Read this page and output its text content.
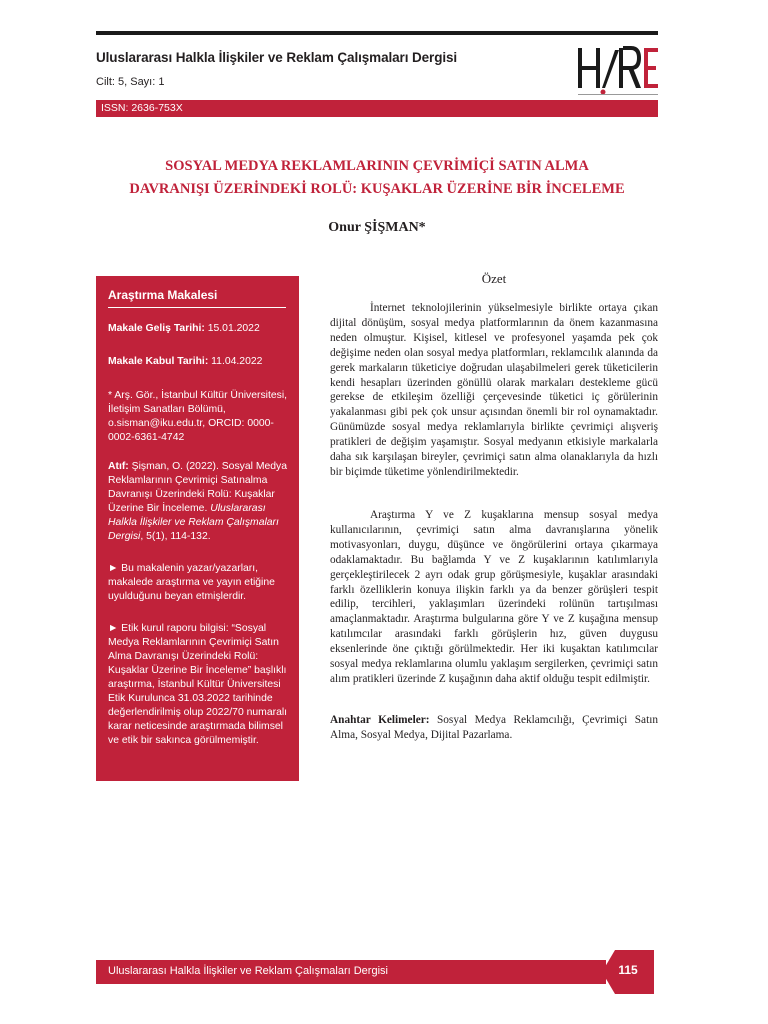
Uluslararası Halkla İlişkiler ve Reklam Çalışmaları Dergisi
Cilt: 5, Sayı: 1
ISSN: 2636-753X
SOSYAL MEDYA REKLAMLARININ ÇEVRİMİÇİ SATIN ALMA
DAVRANIŞI ÜZERİNDEKİ ROLÜ: KUŞAKLAR ÜZERİNE BİR İNCELEME
Onur ŞİŞMAN*
Araştırma Makalesi
Makale Geliş Tarihi: 15.01.2022
Makale Kabul Tarihi: 11.04.2022
* Arş. Gör., İstanbul Kültür Üniversitesi, İletişim Sanatları Bölümü, o.sisman@iku.edu.tr, ORCID: 0000-0002-6361-4742
Atıf: Şişman, O. (2022). Sosyal Medya Reklamlarının Çevrimiçi Satınalma Davranışı Üzerindeki Rolü: Kuşaklar Üzerine Bir İnceleme. Uluslararası Halkla İlişkiler ve Reklam Çalışmaları Dergisi, 5(1), 114-132.
► Bu makalenin yazar/yazarları, makalede araştırma ve yayın etiğine uyulduğunu beyan etmişlerdir.
► Etik kurul raporu bilgisi: “Sosyal Medya Reklamlarının Çevrimiçi Satın Alma Davranışı Üzerindeki Rolü: Kuşaklar Üzerine Bir İnceleme” başlıklı araştırma, İstanbul Kültür Üniversitesi Etik Kurulunca 31.03.2022 tarihinde değerlendirilmiş olup 2022/70 numaralı karar neticesinde araştırmada bilimsel ve etik bir sakınca görülmemiştir.
Özet

İnternet teknolojilerinin yükselmesiyle birlikte ortaya çıkan dijital dönüşüm, sosyal medya platformlarının da önem kazanmasına neden olmuştur. Kişisel, kitlesel ve profesyonel yaşamda pek çok değişime neden olan sosyal medya platformları, reklamcılık alanında da gerek markaların tüketiciye doğrudan ulaşabilmeleri gerek tüketicilerin kendi hesapları üzerinden gönüllü olarak markaları destekleme gücü gerekse de etkileşim özelliği çerçevesinde tüketici iç görülerinin yakalanması gibi pek çok unsur açısından önemli bir rol oynamaktadır. Günümüzde sosyal medya reklamlarıyla birlikte çevrimiçi alışveriş pratikleri de değişim yaşamıştır. Sosyal medyanın etkisiyle markalarla daha sık karşılaşan bireyler, çevrimiçi satın alma olanaklarıyla da hızlı bir biçimde tüketime yönlendirilmektedir.

Araştırma Y ve Z kuşaklarına mensup sosyal medya kullanıcılarının, çevrimiçi satın alma davranışlarına yönelik motivasyonları, duygu, düşünce ve öngörülerini ortaya çıkarmaya odaklamaktadır. Bu bağlamda Y ve Z kuşaklarının katılımlarıyla gerçekleştirilecek 2 ayrı odak grup görüşmesiyle, kuşaklar arasındaki farklı özelliklerin konuya ilişkin farklı ya da benzer görüşleri tespit edilip, tercihleri, yaklaşımları üzerindeki rolünün tartışılması amaçlanmaktadır. Araştırma bulgularına göre Y ve Z kuşağına mensup katılımcılar arasındaki farklı görüşlerin hız, güven duygusu eksenlerinde öne çıktığı görülmektedir. Her iki kuşaktan katılımcılar sosyal medya reklamlarına olumlu yaklaşım sergilerken, çevrimiçi satın alım pratikleri üzerinde Z kuşağının daha aktif olduğu tespit edilmiştir.

Anahtar Kelimeler: Sosyal Medya Reklamcılığı, Çevrimiçi Satın Alma, Sosyal Medya, Dijital Pazarlama.
Uluslararası Halkla İlişkiler ve Reklam Çalışmaları Dergisi	115
